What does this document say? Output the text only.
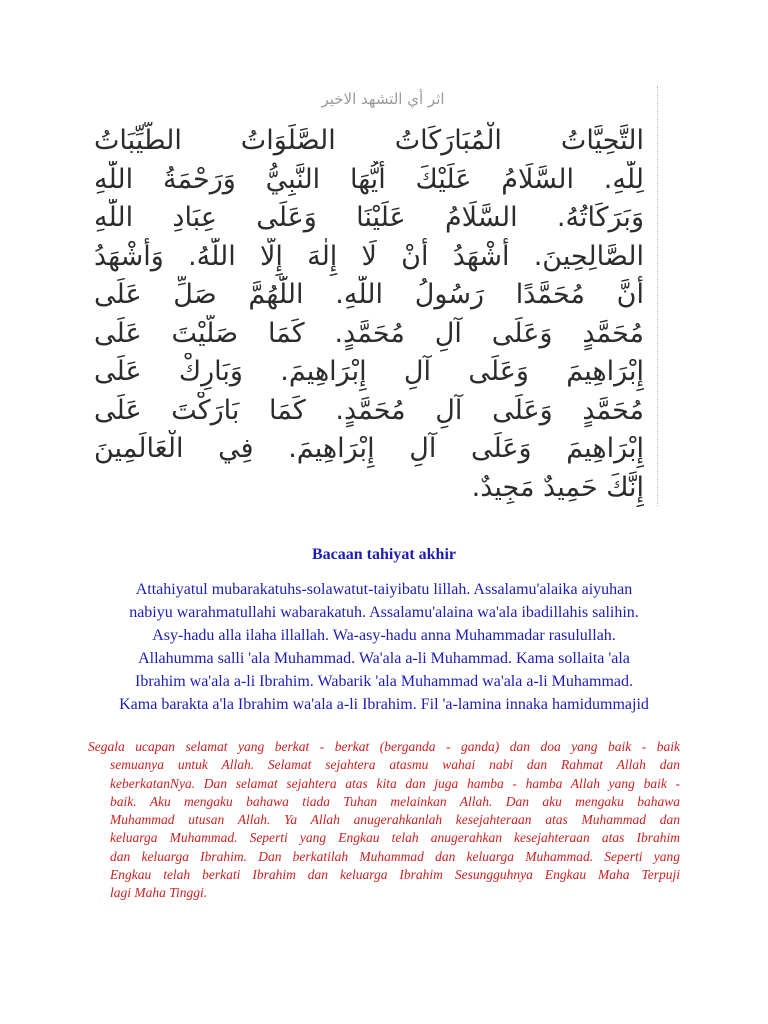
اثر أي التشهد الاخير
التَّحِيَّاتُ الْمُبَارَكَاتُ الصَّلَوَاتُ الطَّيِّبَاتُ
لِلّٰهِ. السَّلَامُ عَلَيْكَ أَيُّهَا النَّبِيُّ وَرَحْمَةُ اللّٰهِ
وَبَرَكَاتُهُ. السَّلَامُ عَلَيْنَا وَعَلَى عِبَادِ اللّٰهِ
الصَّالِحِينَ. أَشْهَدُ أَنْ لَا إِلٰهَ إِلَّا اللّٰهُ. وَأَشْهَدُ
أَنَّ مُحَمَّدًا رَسُولُ اللّٰهِ. اللّٰهُمَّ صَلِّ عَلَى
مُحَمَّدٍ وَعَلَى آلِ مُحَمَّدٍ. كَمَا صَلَّيْتَ عَلَى
إِبْرَاهِيمَ وَعَلَى آلِ إِبْرَاهِيمَ. وَبَارِكْ عَلَى
مُحَمَّدٍ وَعَلَى آلِ مُحَمَّدٍ. كَمَا بَارَكْتَ عَلَى
إِبْرَاهِيمَ وَعَلَى آلِ إِبْرَاهِيمَ. فِي الْعَالَمِينَ
إِنَّكَ حَمِيدٌ مَجِيدٌ.
Bacaan tahiyat akhir
Attahiyatul mubarakatuhs-solawatut-taiyibatu lillah. Assalamu'alaika aiyuhan
nabiyu warahmatullahi wabarakatuh. Assalamu'alaina wa'ala ibadillahis salihin.
Asy-hadu alla ilaha illallah. Wa-asy-hadu anna Muhammadar rasulullah.
Allahumma salli 'ala Muhammad. Wa'ala a-li Muhammad. Kama sollaita 'ala
Ibrahim wa'ala a-li Ibrahim. Wabarik 'ala Muhammad wa'ala a-li Muhammad.
Kama barakta a'la Ibrahim wa'ala a-li Ibrahim. Fil 'a-lamina innaka hamidummajid
Segala ucapan selamat yang berkat - berkat (berganda - ganda) dan doa yang baik - baik
semuanya untuk Allah. Selamat sejahtera atasmu wahai nabi dan Rahmat Allah dan
keberkatanNya. Dan selamat sejahtera atas kita dan juga hamba - hamba Allah yang baik -
baik. Aku mengaku bahawa tiada Tuhan melainkan Allah. Dan aku mengaku bahawa
Muhammad utusan Allah. Ya Allah anugerahkanlah kesejahteraan atas Muhammad dan
keluarga Muhammad. Seperti yang Engkau telah anugerahkan kesejahteraan atas Ibrahim
dan keluarga Ibrahim. Dan berkatilah Muhammad dan keluarga Muhammad. Seperti yang
Engkau telah berkati Ibrahim dan keluarga Ibrahim Sesungguhnya Engkau Maha Terpuji
lagi Maha Tinggi.
